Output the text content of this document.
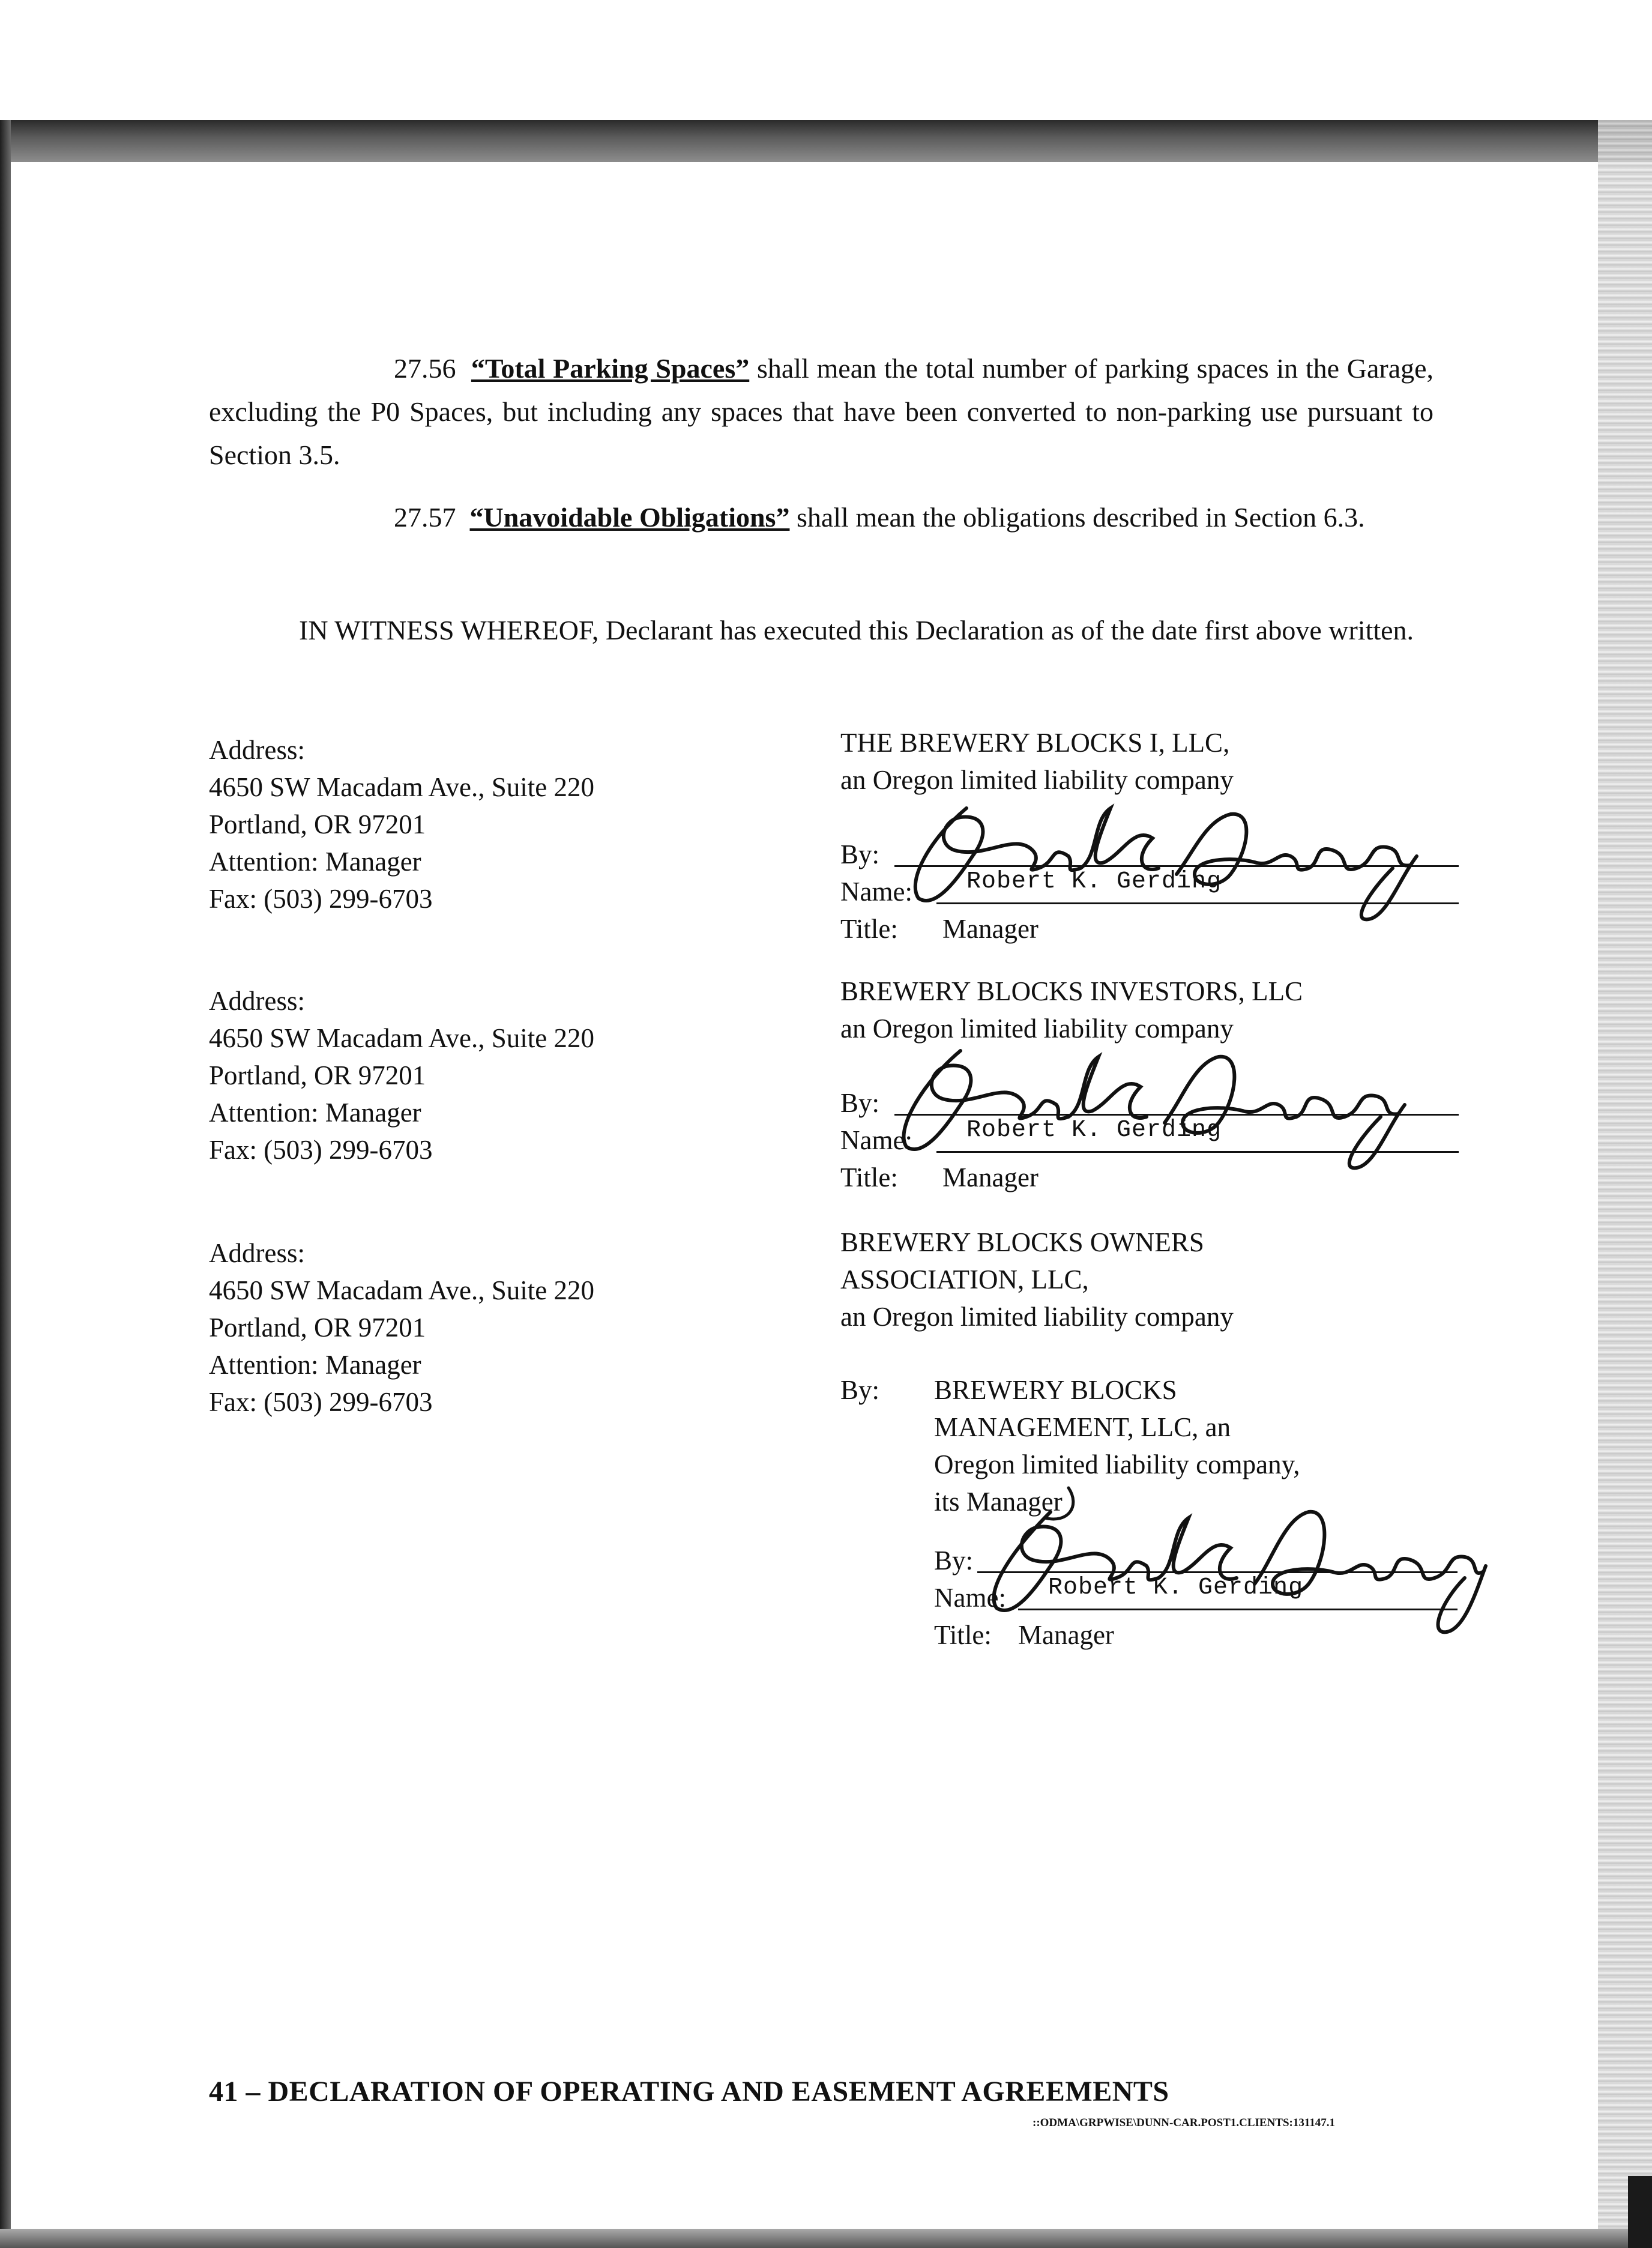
27.56 “Total Parking Spaces” shall mean the total number of parking spaces in the Garage, excluding the P0 Spaces, but including any spaces that have been converted to non-parking use pursuant to Section 3.5.

27.57 “Unavoidable Obligations” shall mean the obligations described in Section 6.3.

IN WITNESS WHEREOF, Declarant has executed this Declaration as of the date first above written.

Address:
4650 SW Macadam Ave., Suite 220
Portland, OR 97201
Attention: Manager
Fax: (503) 299-6703
THE BREWERY BLOCKS I, LLC,
an Oregon limited liability company
By:
Name: Robert K. Gerding
Title: Manager
Address:
4650 SW Macadam Ave., Suite 220
Portland, OR 97201
Attention: Manager
Fax: (503) 299-6703
BREWERY BLOCKS INVESTORS, LLC
an Oregon limited liability company
By:
Name: Robert K. Gerding
Title: Manager
Address:
4650 SW Macadam Ave., Suite 220
Portland, OR 97201
Attention: Manager
Fax: (503) 299-6703
BREWERY BLOCKS OWNERS
ASSOCIATION, LLC,
an Oregon limited liability company
By: BREWERY BLOCKS
MANAGEMENT, LLC, an
Oregon limited liability company,
its Manager
By:
Name: Robert K. Gerding
Title: Manager
41 – DECLARATION OF OPERATING AND EASEMENT AGREEMENTS
::ODMA\GRPWISE\DUNN-CAR.POST1.CLIENTS:131147.1
